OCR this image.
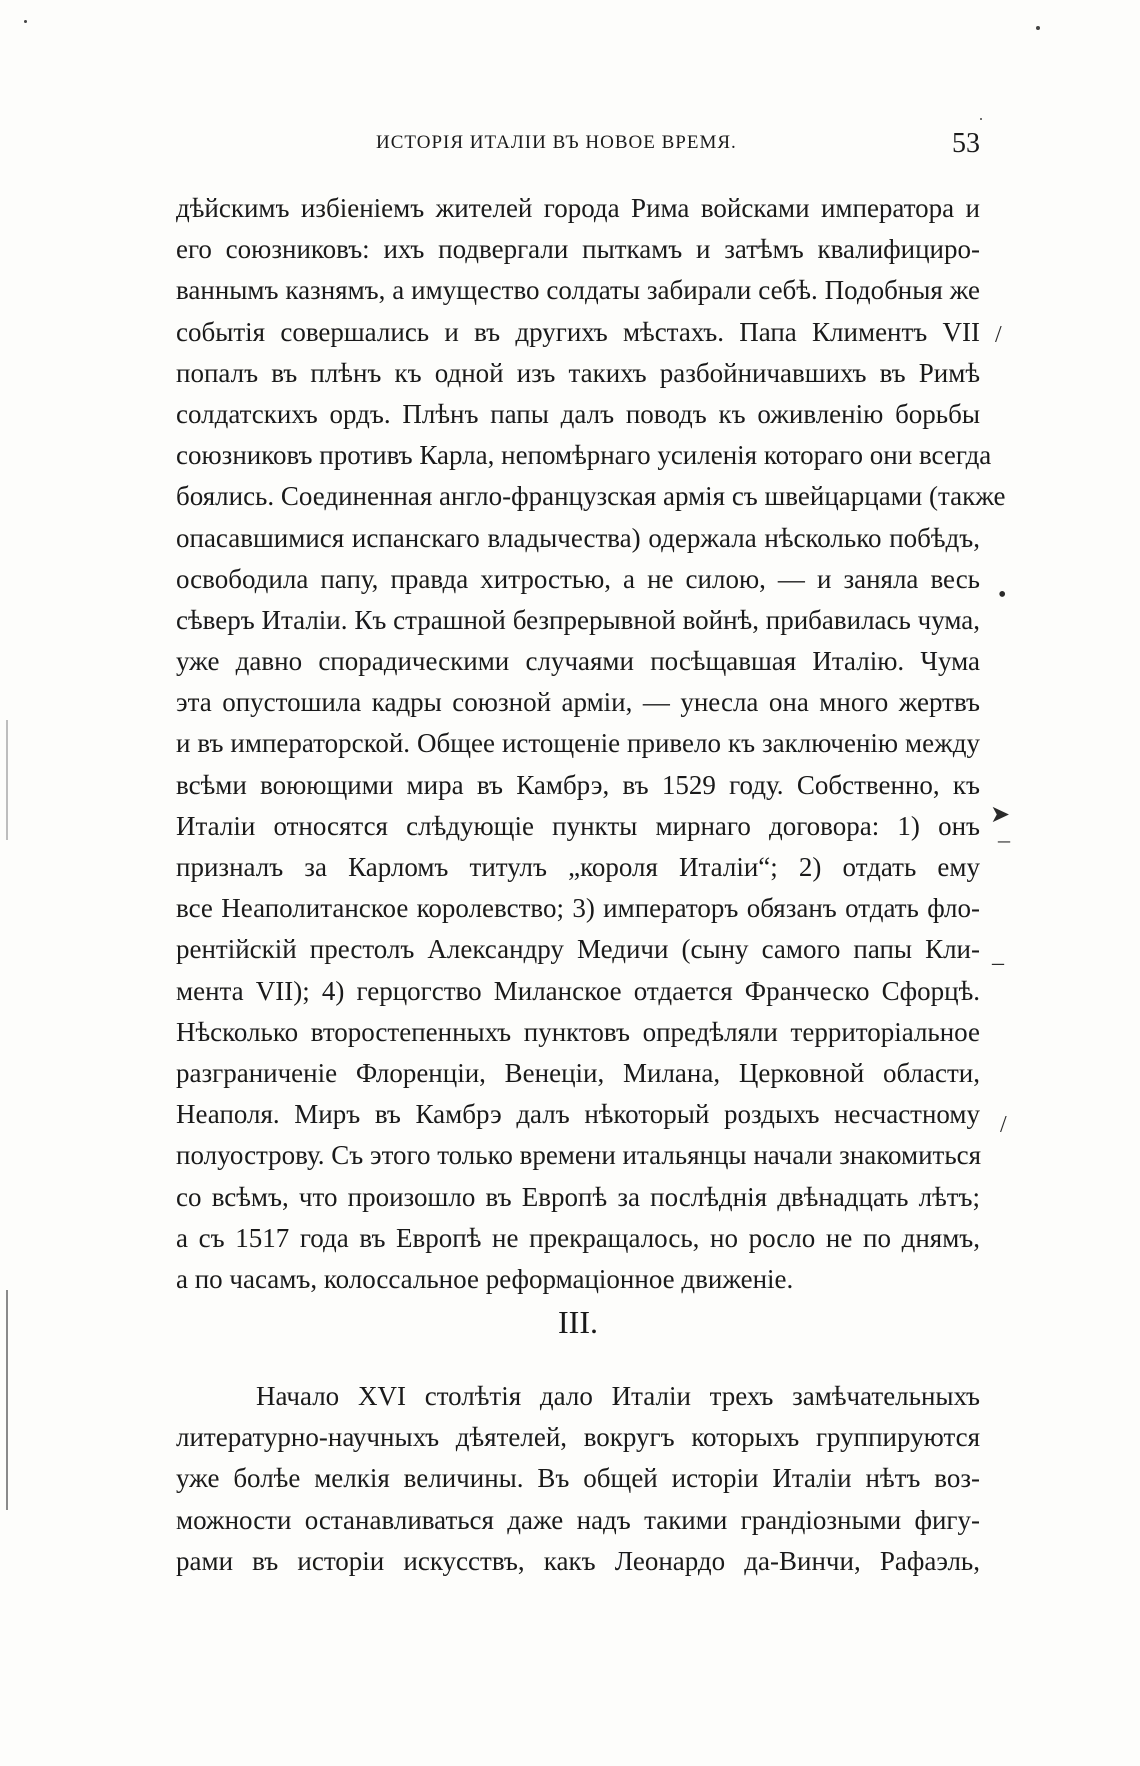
ИСТОРІЯ ИТАЛІИ ВЪ НОВОЕ ВРЕМЯ.	53
дѣйскимъ избіеніемъ жителей города Рима войсками императора и
его союзниковъ: ихъ подвергали пыткамъ и затѣмъ квалифициро-
ваннымъ казнямъ, а имущество солдаты забирали себѣ. Подобныя же
событія совершались и въ другихъ мѣстахъ. Папа Климентъ VII
попалъ въ плѣнъ къ одной изъ такихъ разбойничавшихъ въ Римѣ
солдатскихъ ордъ. Плѣнъ папы далъ поводъ къ оживленію борьбы
союзниковъ противъ Карла, непомѣрнаго усиленія котораго они всегда
боялись. Соединенная англо-французская армія съ швейцарцами (также
опасавшимися испанскаго владычества) одержала нѣсколько побѣдъ,
освободила папу, правда хитростью, а не силою, — и заняла весь
сѣверъ Италіи. Къ страшной безпрерывной войнѣ, прибавилась чума,
уже давно спорадическими случаями посѣщавшая Италію. Чума
эта опустошила кадры союзной арміи, — унесла она много жертвъ
и въ императорской. Общее истощеніе привело къ заключенію между
всѣми воюющими мира въ Камбрэ, въ 1529 году. Собственно, къ
Италіи относятся слѣдующіе пункты мирнаго договора: 1) онъ
призналъ за Карломъ титулъ „короля Италіи“; 2) отдать ему
все Неаполитанское королевство; 3) императоръ обязанъ отдать фло-
рентійскій престолъ Александру Медичи (сыну самого папы Кли-
мента VII); 4) герцогство Миланское отдается Франческо Сфорцѣ.
Нѣсколько второстепенныхъ пунктовъ опредѣляли территоріальное
разграниченіе Флоренціи, Венеціи, Милана, Церковной области,
Неаполя. Миръ въ Камбрэ далъ нѣкоторый роздыхъ несчастному
полуострову. Съ этого только времени итальянцы начали знакомиться
со всѣмъ, что произошло въ Европѣ за послѣднія двѣнадцать лѣтъ;
а съ 1517 года въ Европѣ не прекращалось, но росло не по днямъ,
а по часамъ, колоссальное реформаціонное движеніе.
III.
Начало XVI столѣтія дало Италіи трехъ замѣчательныхъ
литературно-научныхъ дѣятелей, вокругъ которыхъ группируются
уже болѣе мелкія величины. Въ общей исторіи Италіи нѣтъ воз-
можности останавливаться даже надъ такими грандіозными фигу-
рами въ исторіи искусствъ, какъ Леонардо да-Винчи, Рафаэль,
/
•
➤
¯
–
/
